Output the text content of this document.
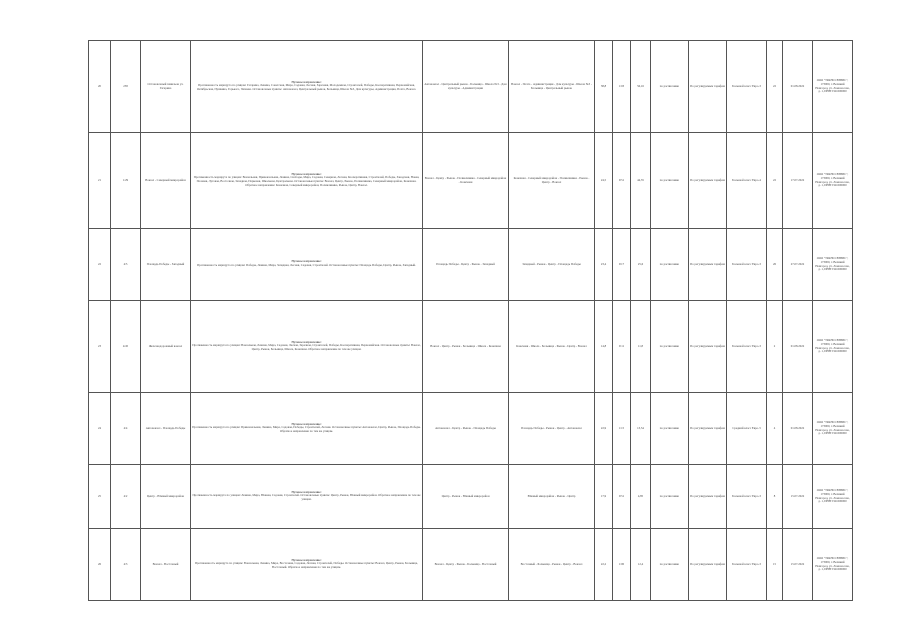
20	258	Остановочный павильон ул. Гагарина	Нулевое направление:
Протяженность маршрута по улицам: Гагарина, Ленина, Советская, Мира, Садовая, Лесная, Заречная, Молодежная, Строителей, Победы, Кооперативная, Первомайская, Октябрьская, Пушкина, Горького, Чапаева. Остановочные пункты: Автовокзал, Центральный рынок, Больница, Школа №3, Дом культуры, Администрация, Почта, Вокзал.	Автовокзал - Центральный рынок - Больница - Школа №3 - Дом культуры - Администрация	Вокзал - Почта - Администрация - Дом культуры - Школа №3 - Больница - Центральный рынок	38,8	1:03	56,16	по расписанию	По регулируемым тарифам	Большой класс Евро-3	22	01.08.2022	ООО "ТРАНССЕРВИС", 173000, г. Великий Новгород, ул. Ломоносова, д. 1, ИНН 5321000000
21	1/29	Вокзал - Северный микрорайон	Нулевое направление:
Протяженность маршрута по улицам: Вокзальная, Привокзальная, Ленина, Свободы, Мира, Садовая, Северная, Лесная, Кооперативная, Строителей, Победы, Заводская, Новая, Полевая, Луговая, Восточная, Западная, Парковая, Школьная, Центральная. Остановочные пункты: Вокзал, Центр, Рынок, Поликлиника, Северный микрорайон, Конечная. Обратное направление: Конечная, Северный микрорайон, Поликлиника, Рынок, Центр, Вокзал.	Вокзал - Центр - Рынок - Поликлиника - Северный микрорайон - Конечная	Конечная - Северный микрорайон - Поликлиника - Рынок - Центр - Вокзал	24,5	0:51	44,35	по расписанию	По регулируемым тарифам	Большой класс Евро-4	22	17.07.2022	ООО "ТРАНССЕРВИС", 173000, г. Великий Новгород, ул. Ломоносова, д. 1, ИНН 5321000000
22	4/5	Площадь Победы - Западный	Нулевое направление:
Протяженность маршрута по улицам: Победы, Ленина, Мира, Западная, Лесная, Садовая, Строителей. Остановочные пункты: Площадь Победы, Центр, Рынок, Западный.	Площадь Победы - Центр - Рынок - Западный	Западный - Рынок - Центр - Площадь Победы	23,4	0:17	25,6	по расписанию	По регулируемым тарифам	Большой класс Евро-3	26	27.07.2022	ООО "ТРАНССЕРВИС", 173000, г. Великий Новгород, ул. Ломоносова, д. 1, ИНН 5321000000
23	4/45	Железнодорожный вокзал	Нулевое направление:
Протяженность маршрута по улицам: Вокзальная, Ленина, Мира, Садовая, Лесная, Заречная, Строителей, Победы, Кооперативная, Первомайская. Остановочные пункты: Вокзал, Центр, Рынок, Больница, Школа, Конечная. Обратное направление по тем же улицам.	Вокзал - Центр - Рынок - Больница - Школа - Конечная	Конечная - Школа - Больница - Рынок - Центр - Вокзал	14,8	0:11	11,8	по расписанию	По регулируемым тарифам	Большой класс Евро-3	2	01.08.2022	ООО "ТРАНССЕРВИС", 173000, г. Великий Новгород, ул. Ломоносова, д. 1, ИНН 5321000000
24	4/4	Автовокзал - Площадь Победы	Нулевое направление:
Протяженность маршрута по улицам: Привокзальная, Ленина, Мира, Садовая, Победы, Строителей, Лесная. Остановочные пункты: Автовокзал, Центр, Рынок, Площадь Победы. Обратное направление по тем же улицам.	Автовокзал - Центр - Рынок - Площадь Победы	Площадь Победы - Рынок - Центр - Автовокзал	22,9	1:15	13,54	по расписанию	По регулируемым тарифам	Средний класс Евро-3	4	01.08.2022	ООО "ТРАНССЕРВИС", 173000, г. Великий Новгород, ул. Ломоносова, д. 1, ИНН 5321000000
25	4/2	Центр - Южный микрорайон	Нулевое направление:
Протяженность маршрута по улицам: Ленина, Мира, Южная, Садовая, Строителей. Остановочные пункты: Центр, Рынок, Южный микрорайон. Обратное направление по тем же улицам.	Центр - Рынок - Южный микрорайон	Южный микрорайон - Рынок - Центр	17,9	0:51	4,85	по расписанию	По регулируемым тарифам	Большой класс Евро-3	8	15.07.2022	ООО "ТРАНССЕРВИС", 173000, г. Великий Новгород, ул. Ломоносова, д. 1, ИНН 5321000000
26	4/3	Вокзал - Восточный	Нулевое направление:
Протяженность маршрута по улицам: Вокзальная, Ленина, Мира, Восточная, Садовая, Лесная, Строителей, Победы. Остановочные пункты: Вокзал, Центр, Рынок, Больница, Восточный. Обратное направление по тем же улицам.	Вокзал - Центр - Рынок - Больница - Восточный	Восточный - Больница - Рынок - Центр - Вокзал	22,2	1:00	12,4	по расписанию	По регулируемым тарифам	Большой класс Евро-3	15	15.07.2022	ООО "ТРАНССЕРВИС", 173000, г. Великий Новгород, ул. Ломоносова, д. 1, ИНН 5321000000
